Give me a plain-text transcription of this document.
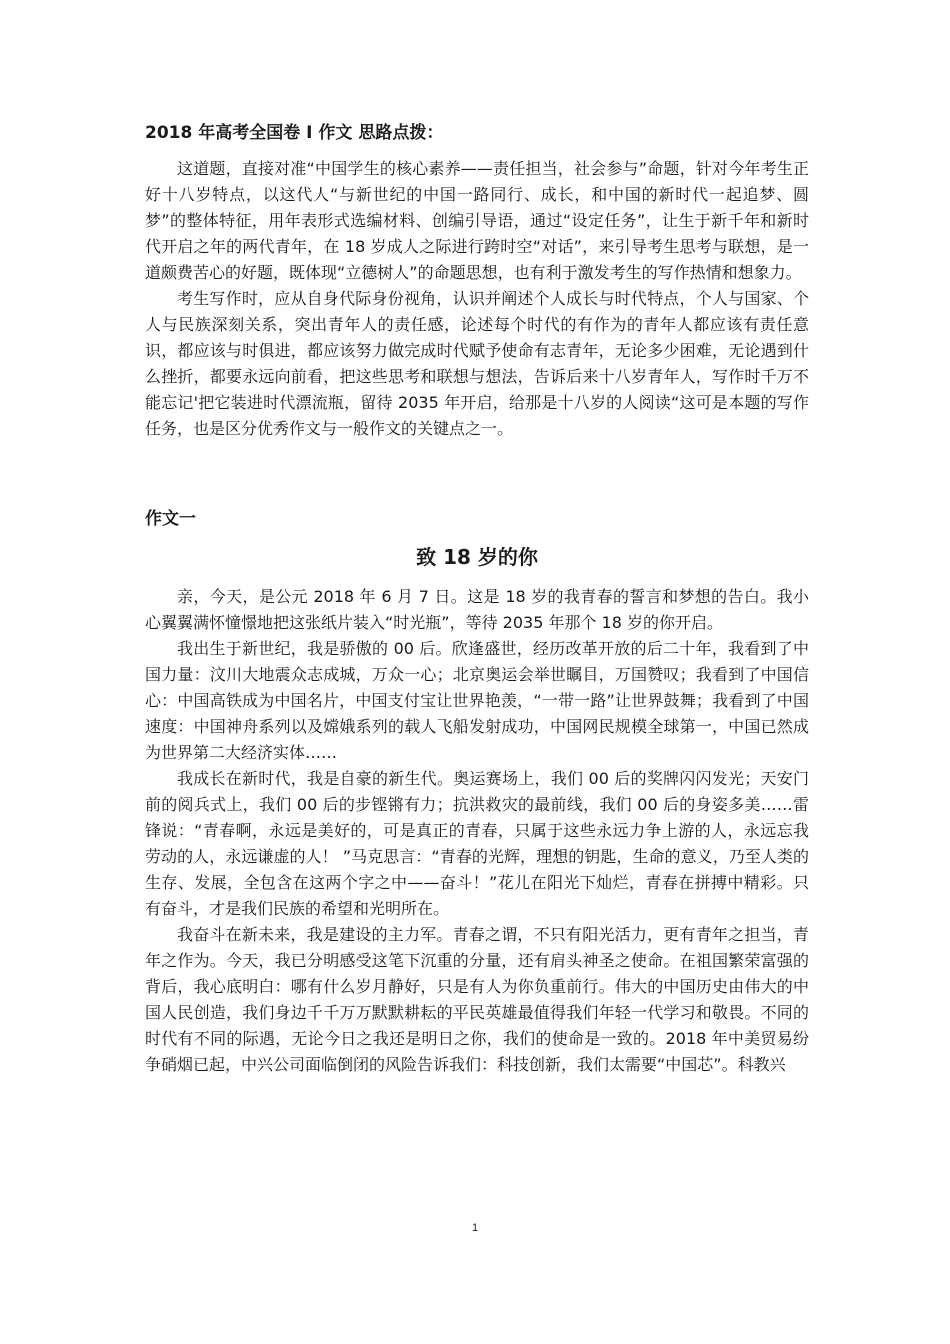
2018 年高考全国卷 I 作文 思路点拨：

这道题，直接对准“中国学生的核心素养——责任担当，社会参与”命题，针对今年考生正好十八岁特点，以这代人“与新世纪的中国一路同行、成长，和中国的新时代一起追梦、圆梦”的整体特征，用年表形式选编材料、创编引导语，通过“设定任务”，让生于新千年和新时代开启之年的两代青年，在 18 岁成人之际进行跨时空“对话”，来引导考生思考与联想，是一道颇费苦心的好题，既体现“立德树人”的命题思想，也有利于激发考生的写作热情和想象力。

考生写作时，应从自身代际身份视角，认识并阐述个人成长与时代特点，个人与国家、个人与民族深刻关系，突出青年人的责任感，论述每个时代的有作为的青年人都应该有责任意识，都应该与时俱进，都应该努力做完成时代赋予使命有志青年，无论多少困难，无论遇到什么挫折，都要永远向前看，把这些思考和联想与想法，告诉后来十八岁青年人，写作时千万不能忘记'把它装进时代漂流瓶，留待 2035 年开启，给那是十八岁的人阅读“这可是本题的写作任务，也是区分优秀作文与一般作文的关键点之一。

作文一

致 18 岁的你

亲，今天，是公元 2018 年 6 月 7 日。这是 18 岁的我青春的誓言和梦想的告白。我小心翼翼满怀憧憬地把这张纸片装入“时光瓶”，等待 2035 年那个 18 岁的你开启。

我出生于新世纪，我是骄傲的 00 后。欣逢盛世，经历改革开放的后二十年，我看到了中国力量：汶川大地震众志成城，万众一心；北京奥运会举世瞩目，万国赞叹；我看到了中国信心：中国高铁成为中国名片，中国支付宝让世界艳羡，“一带一路”让世界鼓舞；我看到了中国速度：中国神舟系列以及嫦娥系列的载人飞船发射成功，中国网民规模全球第一，中国已然成为世界第二大经济实体……

我成长在新时代，我是自豪的新生代。奥运赛场上，我们 00 后的奖牌闪闪发光；天安门前的阅兵式上，我们 00 后的步铿锵有力；抗洪救灾的最前线，我们 00 后的身姿多美……雷锋说：“青春啊，永远是美好的，可是真正的青春，只属于这些永远力争上游的人，永远忘我劳动的人，永远谦虚的人！ ”马克思言：“青春的光辉，理想的钥匙，生命的意义，乃至人类的生存、发展，全包含在这两个字之中——奋斗！”花儿在阳光下灿烂，青春在拼搏中精彩。只有奋斗，才是我们民族的希望和光明所在。

我奋斗在新未来，我是建设的主力军。青春之谓，不只有阳光活力，更有青年之担当，青年之作为。今天，我已分明感受这笔下沉重的分量，还有肩头神圣之使命。在祖国繁荣富强的背后，我心底明白：哪有什么岁月静好，只是有人为你负重前行。伟大的中国历史由伟大的中国人民创造，我们身边千千万万默默耕耘的平民英雄最值得我们年轻一代学习和敬畏。不同的时代有不同的际遇，无论今日之我还是明日之你，我们的使命是一致的。2018 年中美贸易纷争硝烟已起，中兴公司面临倒闭的风险告诉我们：科技创新，我们太需要“中国芯”。科教兴

1
